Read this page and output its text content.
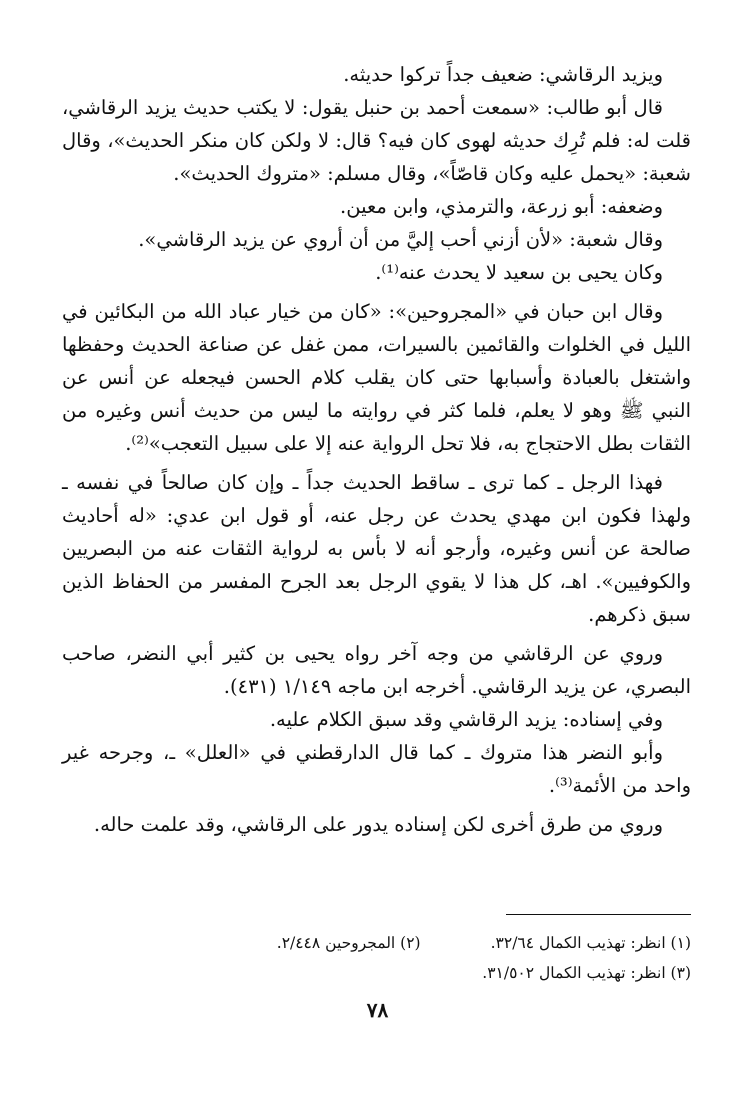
ويزيد الرقاشي: ضعيف جداً تركوا حديثه.

قال أبو طالب: «سمعت أحمد بن حنبل يقول: لا يكتب حديث يزيد الرقاشي، قلت له: فلم تُرِك حديثه لهوى كان فيه؟ قال: لا ولكن كان منكر الحديث»، وقال شعبة: «يحمل عليه وكان قاصّاً»، وقال مسلم: «متروك الحديث».

وضعفه: أبو زرعة، والترمذي، وابن معين.

وقال شعبة: «لأن أزني أحب إليَّ من أن أروي عن يزيد الرقاشي».

وكان يحيى بن سعيد لا يحدث عنه⁽¹⁾.

وقال ابن حبان في «المجروحين»: «كان من خيار عباد الله من البكائين في الليل في الخلوات والقائمين بالسيرات، ممن غفل عن صناعة الحديث وحفظها واشتغل بالعبادة وأسبابها حتى كان يقلب كلام الحسن فيجعله عن أنس عن النبي ﷺ وهو لا يعلم، فلما كثر في روايته ما ليس من حديث أنس وغيره من الثقات بطل الاحتجاج به، فلا تحل الرواية عنه إلا على سبيل التعجب»⁽²⁾.

فهذا الرجل ـ كما ترى ـ ساقط الحديث جداً ـ وإن كان صالحاً في نفسه ـ ولهذا فكون ابن مهدي يحدث عن رجل عنه، أو قول ابن عدي: «له أحاديث صالحة عن أنس وغيره، وأرجو أنه لا بأس به لرواية الثقات عنه من البصريين والكوفيين». اهـ، كل هذا لا يقوي الرجل بعد الجرح المفسر من الحفاظ الذين سبق ذكرهم.

وروي عن الرقاشي من وجه آخر رواه يحيى بن كثير أبي النضر، صاحب البصري، عن يزيد الرقاشي. أخرجه ابن ماجه ١/١٤٩ (٤٣١).

وفي إسناده: يزيد الرقاشي وقد سبق الكلام عليه.

وأبو النضر هذا متروك ـ كما قال الدارقطني في «العلل» ـ، وجرحه غير واحد من الأئمة⁽³⁾.

وروي من طرق أخرى لكن إسناده يدور على الرقاشي، وقد علمت حاله.

(١) انظر: تهذيب الكمال ٣٢/٦٤.
(٢) المجروحين ٢/٤٤٨.
(٣) انظر: تهذيب الكمال ٣١/٥٠٢.
٧٨
